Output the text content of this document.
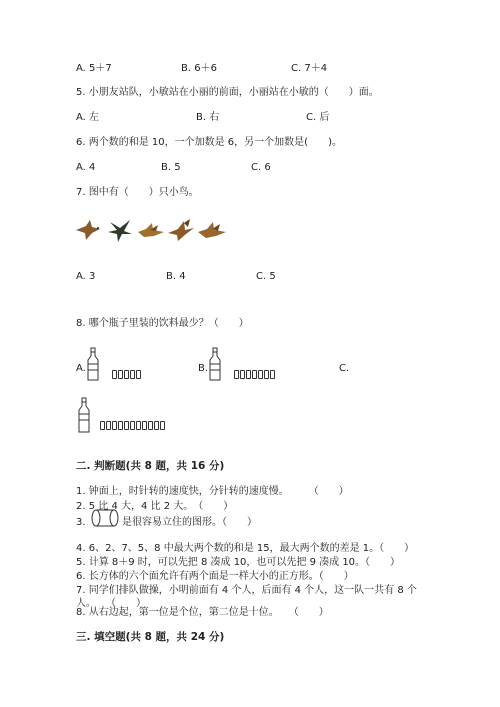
A. 5＋7	B. 6＋6	C. 7＋4
5. 小朋友站队，小敏站在小丽的前面，小丽站在小敏的（　　）面。
A. 左	B. 右	C. 后
6. 两个数的和是 10，一个加数是 6，另一个加数是(　　)。
A. 4	B. 5	C. 6
7. 图中有（　　）只小鸟。
A. 3	B. 4	C. 5
8. 哪个瓶子里装的饮料最少？（　　）
A.	B.	C.
二. 判断题(共 8 题，共 16 分)
1. 钟面上，时针转的速度快，分针转的速度慢。　　　（　　）
2. 5 比 4 大，4 比 2 大。　（　　）
3.	是很容易立住的图形。（　　）
4. 6、2、7、5、8 中最大两个数的和是 15，最大两个数的差是 1。（　　）
5. 计算 8＋9 时，可以先把 8 凑成 10，也可以先把 9 凑成 10。（　　）
6. 长方体的六个面允许有两个面是一样大小的正方形。（　　）
7. 同学们排队做操，小明前面有 4 个人，后面有 4 个人，这一队一共有 8 个
人。　　（　　）
8. 从右边起，第一位是个位，第二位是十位。　　（　　）
三. 填空题(共 8 题，共 24 分)
